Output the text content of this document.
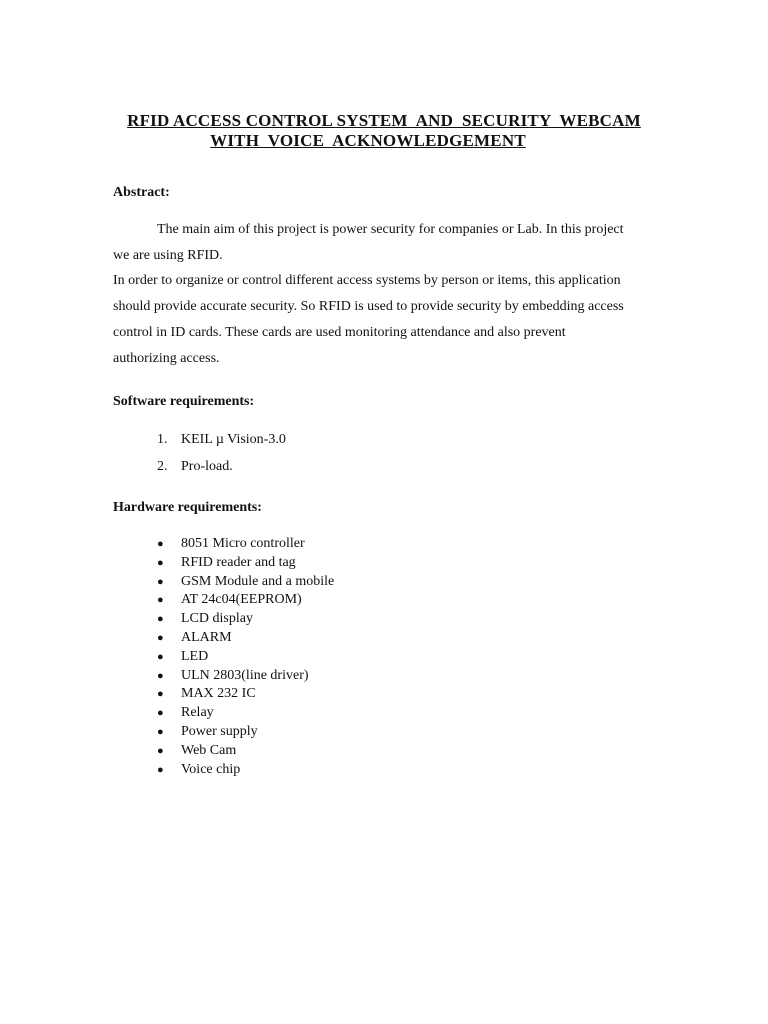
RFID ACCESS CONTROL SYSTEM  AND  SECURITY  WEBCAM
WITH  VOICE  ACKNOWLEDGEMENT
Abstract:
The main aim of this project is power security for companies or Lab. In this project
we are using RFID.
In order to organize or control different access systems by person or items, this application
should provide accurate security. So RFID is used to provide security by embedding access
control in ID cards. These cards are used monitoring attendance and also prevent
authorizing access.
Software requirements:
1. KEIL µ Vision-3.0
2. Pro-load.
Hardware requirements:
● 8051 Micro controller
● RFID reader and tag
● GSM Module and a mobile
● AT 24c04(EEPROM)
● LCD display
● ALARM
● LED
● ULN 2803(line driver)
● MAX 232 IC
● Relay
● Power supply
● Web Cam
● Voice chip
